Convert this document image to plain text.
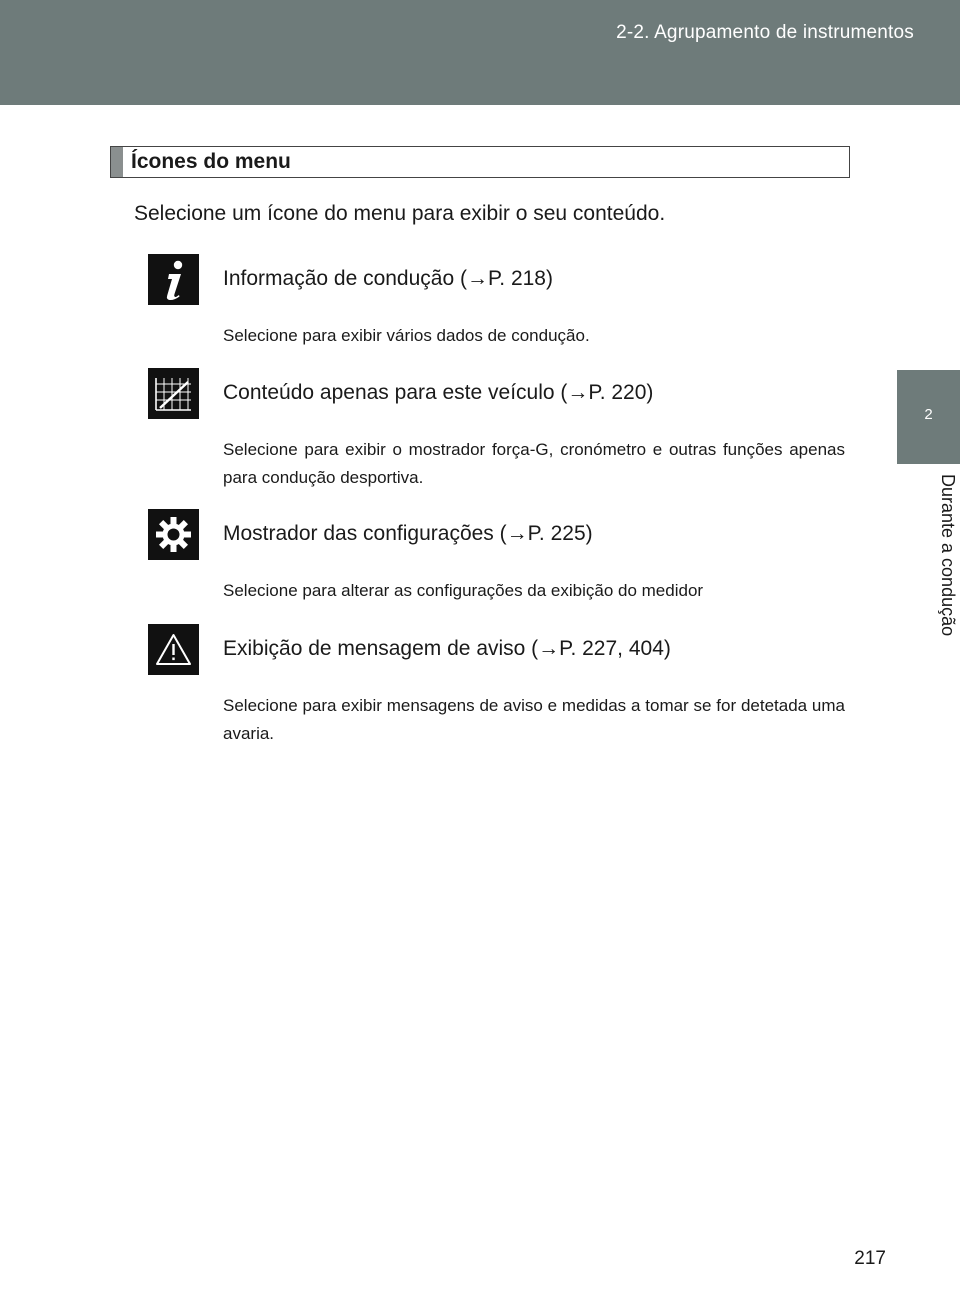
2-2. Agrupamento de instrumentos
2
Durante a condução
Ícones do menu
Selecione um ícone do menu para exibir o seu conteúdo.
Informação de condução (→P. 218)
Selecione para exibir vários dados de condução.
Conteúdo apenas para este veículo (→P. 220)
Selecione para exibir o mostrador força-G, cronómetro e outras funções apenas para condução desportiva.
Mostrador das configurações (→P. 225)
Selecione para alterar as configurações da exibição do medidor
Exibição de mensagem de aviso (→P. 227, 404)
Selecione para exibir mensagens de aviso e medidas a tomar se for detetada uma avaria.
217
